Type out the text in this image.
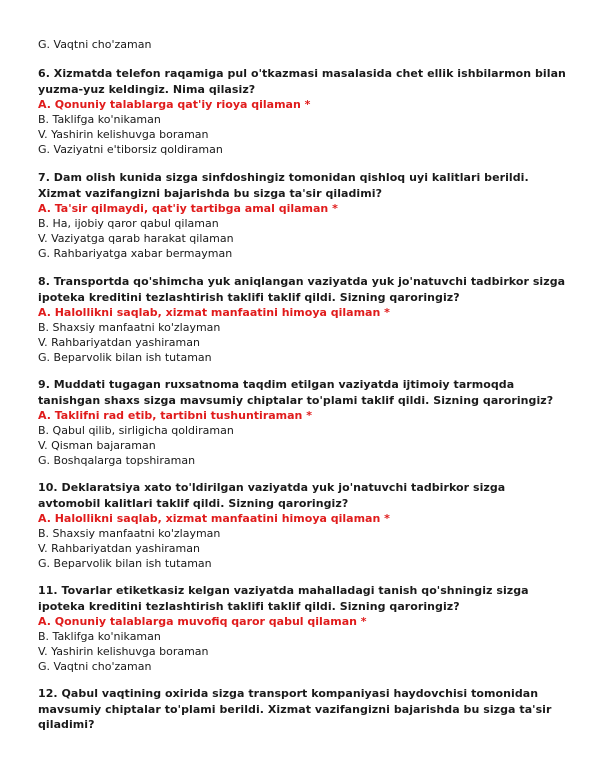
G. Vaqtni cho'zaman

6. Xizmatda telefon raqamiga pul o'tkazmasi masalasida chet ellik ishbilarmon bilan yuzma-yuz keldingiz. Nima qilasiz?

A. Qonuniy talablarga qat'iy rioya qilaman *

B. Taklifga ko'nikaman

V. Yashirin kelishuvga boraman

G. Vaziyatni e'tiborsiz qoldiraman

7. Dam olish kunida sizga sinfdoshingiz tomonidan qishloq uyi kalitlari berildi. Xizmat vazifangizni bajarishda bu sizga ta'sir qiladimi?

A. Ta'sir qilmaydi, qat'iy tartibga amal qilaman *

B. Ha, ijobiy qaror qabul qilaman

V. Vaziyatga qarab harakat qilaman

G. Rahbariyatga xabar bermayman

8. Transportda qo'shimcha yuk aniqlangan vaziyatda yuk jo'natuvchi tadbirkor sizga ipoteka kreditini tezlashtirish taklifi taklif qildi. Sizning qaroringiz?

A. Halollikni saqlab, xizmat manfaatini himoya qilaman *

B. Shaxsiy manfaatni ko'zlayman

V. Rahbariyatdan yashiraman

G. Beparvolik bilan ish tutaman

9. Muddati tugagan ruxsatnoma taqdim etilgan vaziyatda ijtimoiy tarmoqda tanishgan shaxs sizga mavsumiy chiptalar to'plami taklif qildi. Sizning qaroringiz?

A. Taklifni rad etib, tartibni tushuntiraman *

B. Qabul qilib, sirligicha qoldiraman

V. Qisman bajaraman

G. Boshqalarga topshiraman

10. Deklaratsiya xato to'ldirilgan vaziyatda yuk jo'natuvchi tadbirkor sizga avtomobil kalitlari taklif qildi. Sizning qaroringiz?

A. Halollikni saqlab, xizmat manfaatini himoya qilaman *

B. Shaxsiy manfaatni ko'zlayman

V. Rahbariyatdan yashiraman

G. Beparvolik bilan ish tutaman

11. Tovarlar etiketkasiz kelgan vaziyatda mahalladagi tanish qo'shningiz sizga ipoteka kreditini tezlashtirish taklifi taklif qildi. Sizning qaroringiz?

A. Qonuniy talablarga muvofiq qaror qabul qilaman *

B. Taklifga ko'nikaman

V. Yashirin kelishuvga boraman

G. Vaqtni cho'zaman

12. Qabul vaqtining oxirida sizga transport kompaniyasi haydovchisi tomonidan mavsumiy chiptalar to'plami berildi. Xizmat vazifangizni bajarishda bu sizga ta'sir qiladimi?
